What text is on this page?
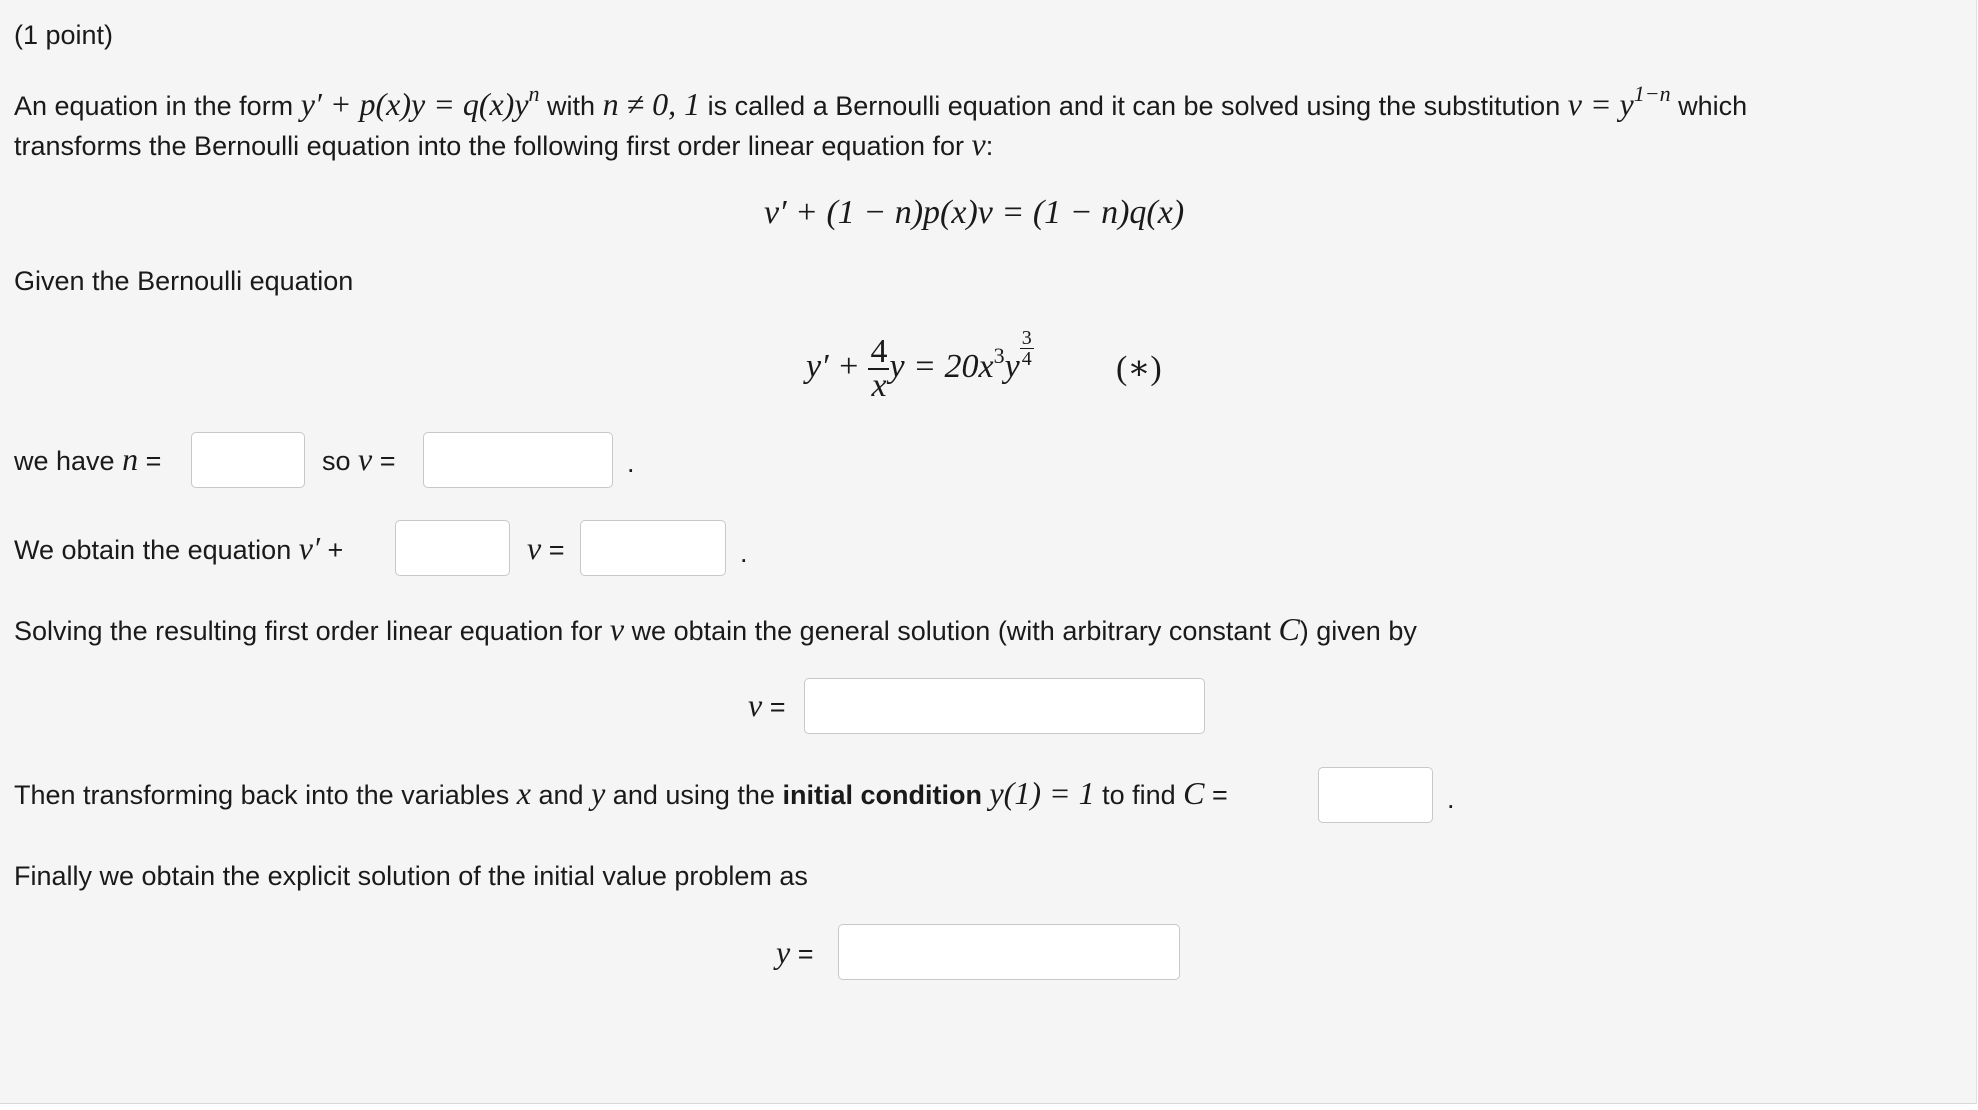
(1 point)
An equation in the form $y' + p(x)y = q(x)y^n$ with n ≠ 0, 1 is called a Bernoulli equation and it can be solved using the substitution $v = y^{1-n}$ which
transforms the Bernoulli equation into the following first order linear equation for v:
v′ + (1 − n)p(x)v = (1 − n)q(x)
Given the Bernoulli equation
$y' + \frac{4}{x}$ $y = 20x^3y \frac{3}{4}$ (∗)
we have n =	so v =	.
We obtain the equation v′ +	v =	.
Solving the resulting first order linear equation for v we obtain the general solution (with arbitrary constant C) given by
v =
Then transforming back into the variables x and y and using the initial condition y(1) = 1 to find C =	.
Finally we obtain the explicit solution of the initial value problem as
y =
